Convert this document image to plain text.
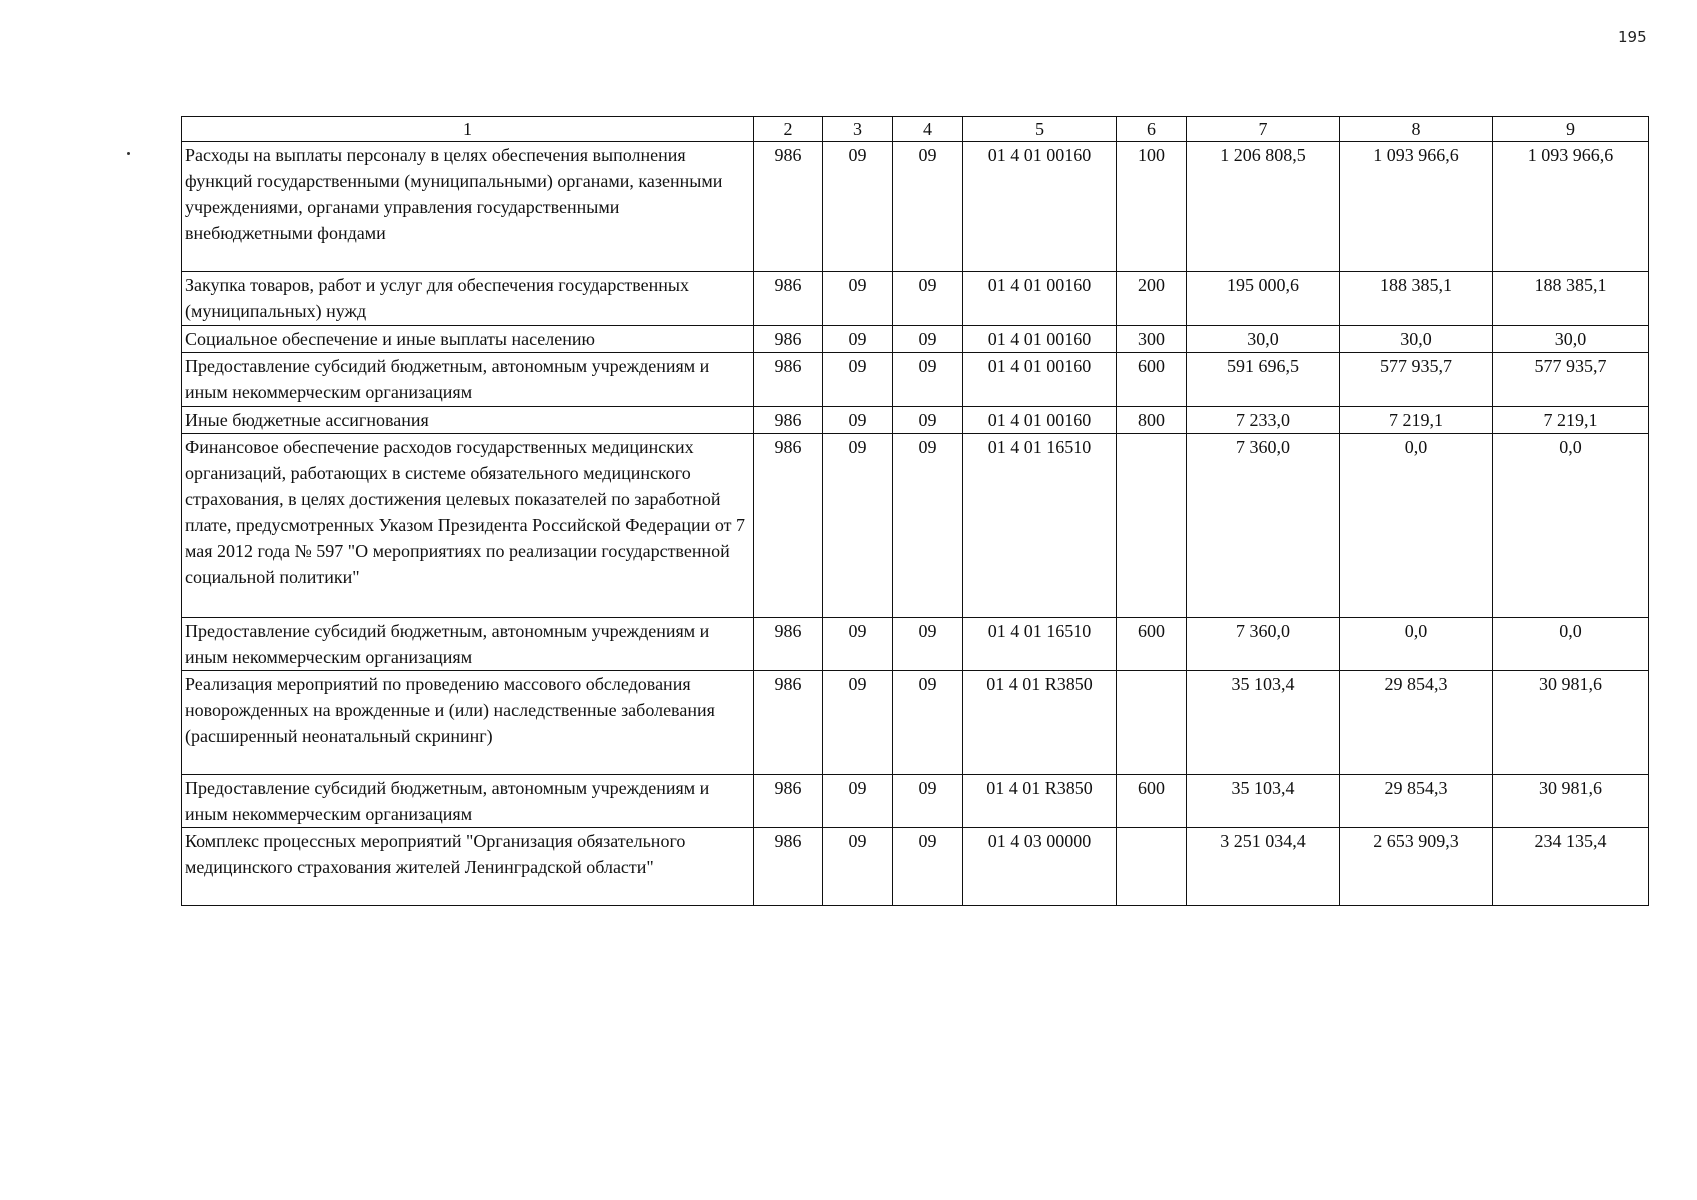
195
1	2	3	4	5	6	7	8	9
Расходы на выплаты персоналу в целях обеспечения выполнения функций государственными (муниципальными) органами, казенными учреждениями, органами управления государственными внебюджетными фондами	986	09	09	01 4 01 00160	100	1 206 808,5	1 093 966,6	1 093 966,6
Закупка товаров, работ и услуг для обеспечения государственных (муниципальных) нужд	986	09	09	01 4 01 00160	200	195 000,6	188 385,1	188 385,1
Социальное обеспечение и иные выплаты населению	986	09	09	01 4 01 00160	300	30,0	30,0	30,0
Предоставление субсидий бюджетным, автономным учреждениям и иным некоммерческим организациям	986	09	09	01 4 01 00160	600	591 696,5	577 935,7	577 935,7
Иные бюджетные ассигнования	986	09	09	01 4 01 00160	800	7 233,0	7 219,1	7 219,1
Финансовое обеспечение расходов государственных медицинских организаций, работающих в системе обязательного медицинского страхования, в целях достижения целевых показателей по заработной плате, предусмотренных Указом Президента Российской Федерации от 7 мая 2012 года № 597 "О мероприятиях по реализации государственной социальной политики"	986	09	09	01 4 01 16510		7 360,0	0,0	0,0
Предоставление субсидий бюджетным, автономным учреждениям и иным некоммерческим организациям	986	09	09	01 4 01 16510	600	7 360,0	0,0	0,0
Реализация мероприятий по проведению массового обследования новорожденных на врожденные и (или) наследственные заболевания (расширенный неонатальный скрининг)	986	09	09	01 4 01 R3850		35 103,4	29 854,3	30 981,6
Предоставление субсидий бюджетным, автономным учреждениям и иным некоммерческим организациям	986	09	09	01 4 01 R3850	600	35 103,4	29 854,3	30 981,6
Комплекс процессных мероприятий "Организация обязательного медицинского страхования жителей Ленинградской области"	986	09	09	01 4 03 00000		3 251 034,4	2 653 909,3	234 135,4
